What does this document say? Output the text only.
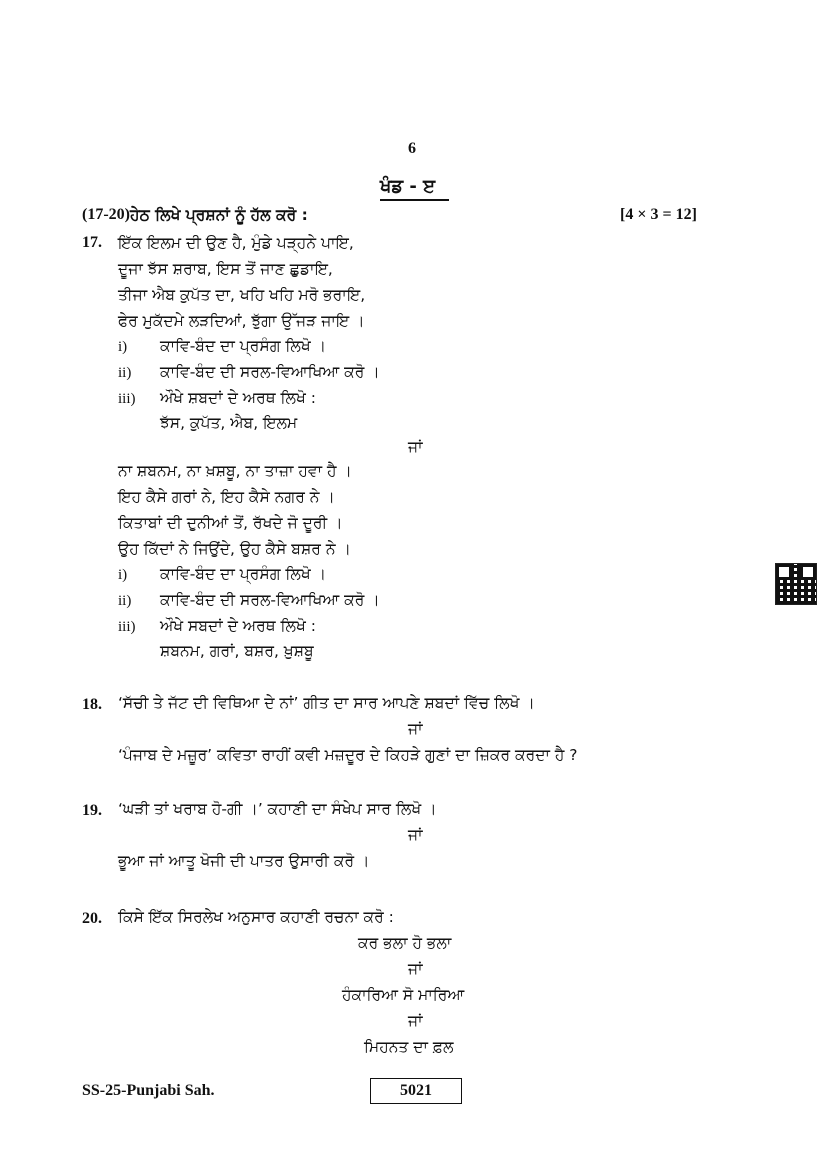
6
ਖੰਡ - ੲ
(17-20) ਹੇਠ ਲਿਖੇ ਪ੍ਰਸ਼ਨਾਂ ਨੂੰ ਹੱਲ ਕਰੋ :	[4 × 3 = 12]
17. ਇੱਕ ਇਲਮ ਦੀ ਉਣ ਹੈ, ਮੁੰਡੇ ਪੜ੍ਹਨੇ ਪਾਇ,
ਦੂਜਾ ਝੱਸ ਸ਼ਰਾਬ, ਇਸ ਤੋਂ ਜਾਣ ਛੁਡਾਇ,
ਤੀਜਾ ਐਬ ਕੁਪੱਤ ਦਾ, ਖਹਿ ਖਹਿ ਮਰੋ ਭਰਾਇ,
ਫੇਰ ਮੁਕੱਦਮੇ ਲੜਦਿਆਂ, ਝੁੱਗਾ ਉੱਜੜ ਜਾਇ ।
i) ਕਾਵਿ-ਬੰਦ ਦਾ ਪ੍ਰਸੰਗ ਲਿਖੋ ।
ii) ਕਾਵਿ-ਬੰਦ ਦੀ ਸਰਲ-ਵਿਆਖਿਆ ਕਰੋ ।
iii) ਔਖੇ ਸ਼ਬਦਾਂ ਦੇ ਅਰਥ ਲਿਖੋ :
ਝੱਸ, ਕੁਪੱਤ, ਐਬ, ਇਲਮ
ਜਾਂ
ਨਾ ਸ਼ਬਨਮ, ਨਾ ਖ਼ਸ਼ਬੂ, ਨਾ ਤਾਜ਼ਾ ਹਵਾ ਹੈ ।
ਇਹ ਕੈਸੇ ਗਰਾਂ ਨੇ, ਇਹ ਕੈਸੇ ਨਗਰ ਨੇ ।
ਕਿਤਾਬਾਂ ਦੀ ਦੁਨੀਆਂ ਤੋਂ, ਰੱਖਦੇ ਜੋ ਦੂਰੀ ।
ਉਹ ਕਿੱਦਾਂ ਨੇ ਜਿਉਂਦੇ, ਉਹ ਕੈਸੇ ਬਸ਼ਰ ਨੇ ।
i) ਕਾਵਿ-ਬੰਦ ਦਾ ਪ੍ਰਸੰਗ ਲਿਖੋ ।
ii) ਕਾਵਿ-ਬੰਦ ਦੀ ਸਰਲ-ਵਿਆਖਿਆ ਕਰੋ ।
iii) ਔਖੇ ਸਬਦਾਂ ਦੇ ਅਰਥ ਲਿਖੋ :
ਸ਼ਬਨਮ, ਗਰਾਂ, ਬਸ਼ਰ, ਖ਼ੁਸ਼ਬੂ
18. ‘ਸੱਚੀ ਤੇ ਜੱਟ ਦੀ ਵਿਥਿਆ ਦੇ ਨਾਂ’ ਗੀਤ ਦਾ ਸਾਰ ਆਪਣੇ ਸ਼ਬਦਾਂ ਵਿੱਚ ਲਿਖੋ ।
ਜਾਂ
‘ਪੰਜਾਬ ਦੇ ਮਜ਼ੂਰ’ ਕਵਿਤਾ ਰਾਹੀਂ ਕਵੀ ਮਜ਼ਦੂਰ ਦੇ ਕਿਹੜੇ ਗੁਣਾਂ ਦਾ ਜ਼ਿਕਰ ਕਰਦਾ ਹੈ ?
19. ‘ਘੜੀ ਤਾਂ ਖਰਾਬ ਹੋ-ਗੀ ।’ ਕਹਾਣੀ ਦਾ ਸੰਖੇਪ ਸਾਰ ਲਿਖੋ ।
ਜਾਂ
ਭੂਆ ਜਾਂ ਆਤੂ ਖੋਜੀ ਦੀ ਪਾਤਰ ਉਸਾਰੀ ਕਰੋ ।
20. ਕਿਸੇ ਇੱਕ ਸਿਰਲੇਖ ਅਨੁਸਾਰ ਕਹਾਣੀ ਰਚਨਾ ਕਰੋ :
ਕਰ ਭਲਾ ਹੋ ਭਲਾ
ਜਾਂ
ਹੰਕਾਰਿਆ ਸੋ ਮਾਰਿਆ
ਜਾਂ
ਮਿਹਨਤ ਦਾ ਫ਼ਲ
SS-25-Punjabi Sah.	5021
